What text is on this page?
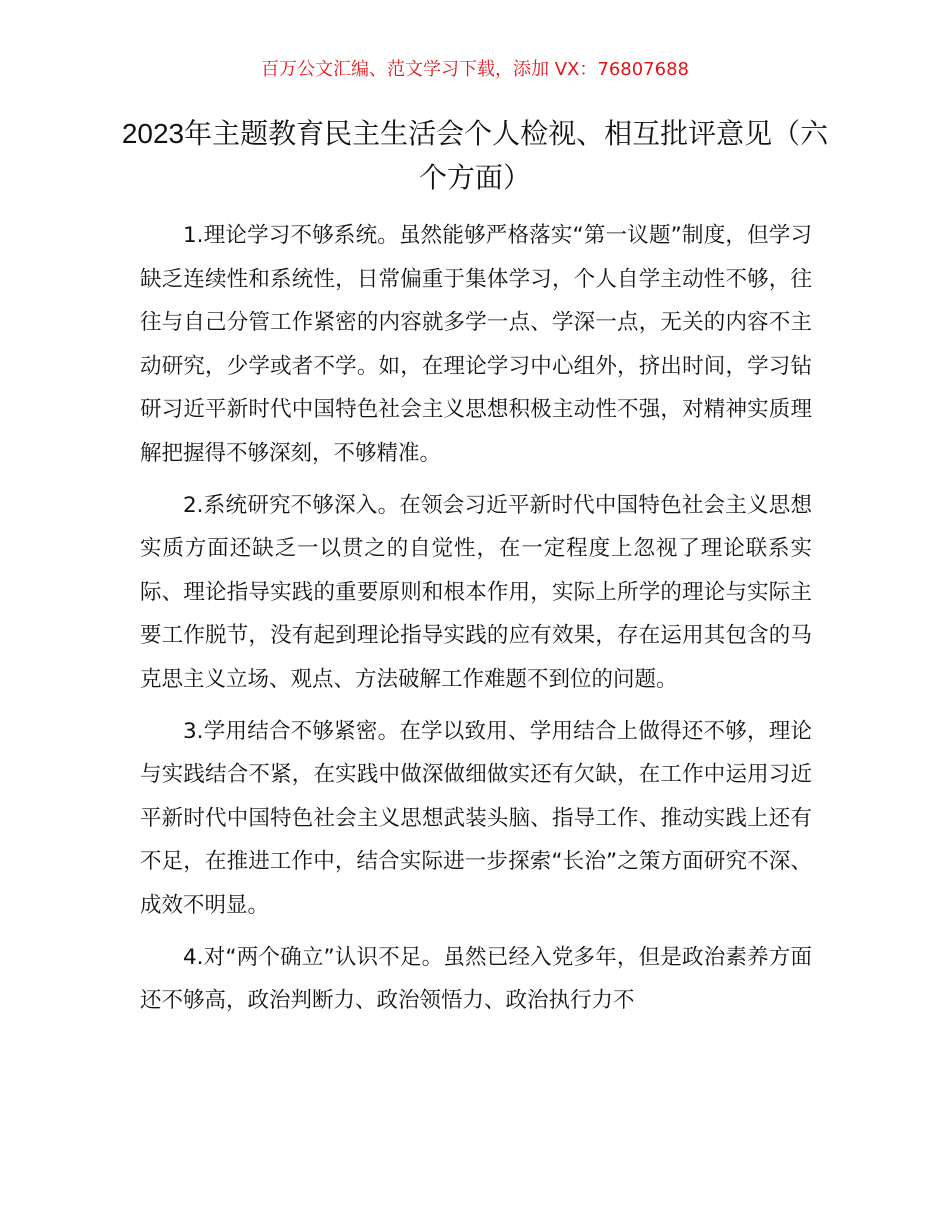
百万公文汇编、范文学习下载，添加 VX：76807688
2023年主题教育民主生活会个人检视、相互批评意见（六个方面）

1.理论学习不够系统。虽然能够严格落实“第一议题”制度，但学习缺乏连续性和系统性，日常偏重于集体学习，个人自学主动性不够，往往与自己分管工作紧密的内容就多学一点、学深一点，无关的内容不主动研究，少学或者不学。如，在理论学习中心组外，挤出时间，学习钻研习近平新时代中国特色社会主义思想积极主动性不强，对精神实质理解把握得不够深刻，不够精准。

2.系统研究不够深入。在领会习近平新时代中国特色社会主义思想实质方面还缺乏一以贯之的自觉性，在一定程度上忽视了理论联系实际、理论指导实践的重要原则和根本作用，实际上所学的理论与实际主要工作脱节，没有起到理论指导实践的应有效果，存在运用其包含的马克思主义立场、观点、方法破解工作难题不到位的问题。

3.学用结合不够紧密。在学以致用、学用结合上做得还不够，理论与实践结合不紧，在实践中做深做细做实还有欠缺，在工作中运用习近平新时代中国特色社会主义思想武装头脑、指导工作、推动实践上还有不足，在推进工作中，结合实际进一步探索“长治”之策方面研究不深、成效不明显。

4.对“两个确立”认识不足。虽然已经入党多年，但是政治素养方面还不够高，政治判断力、政治领悟力、政治执行力不
